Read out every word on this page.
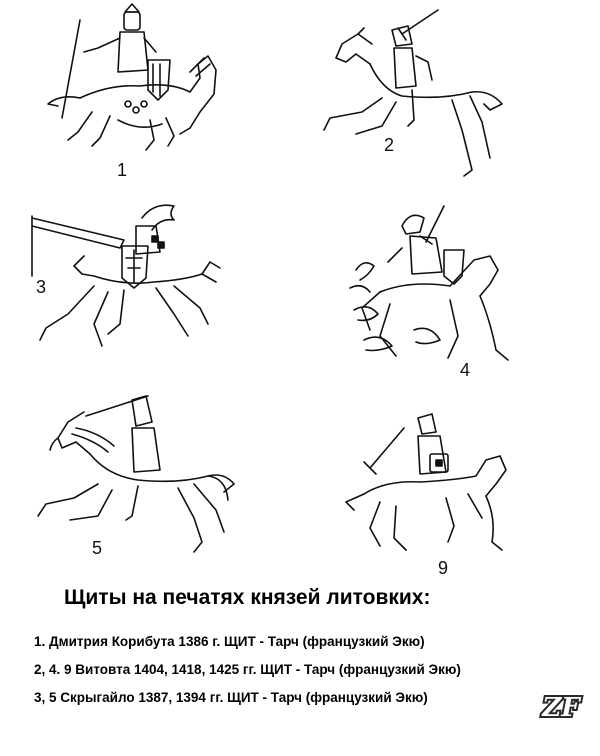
1
2
3
4
5
9
Щиты на печатях князей литовких:
1. Дмитрия Корибута 1386 г. ЩИТ - Тарч (французкий Экю)
2, 4. 9 Витовта 1404, 1418, 1425 гг. ЩИТ - Тарч (французкий Экю)
3, 5 Скрыгайло 1387, 1394 гг. ЩИТ - Тарч (французкий Экю)	ZF
